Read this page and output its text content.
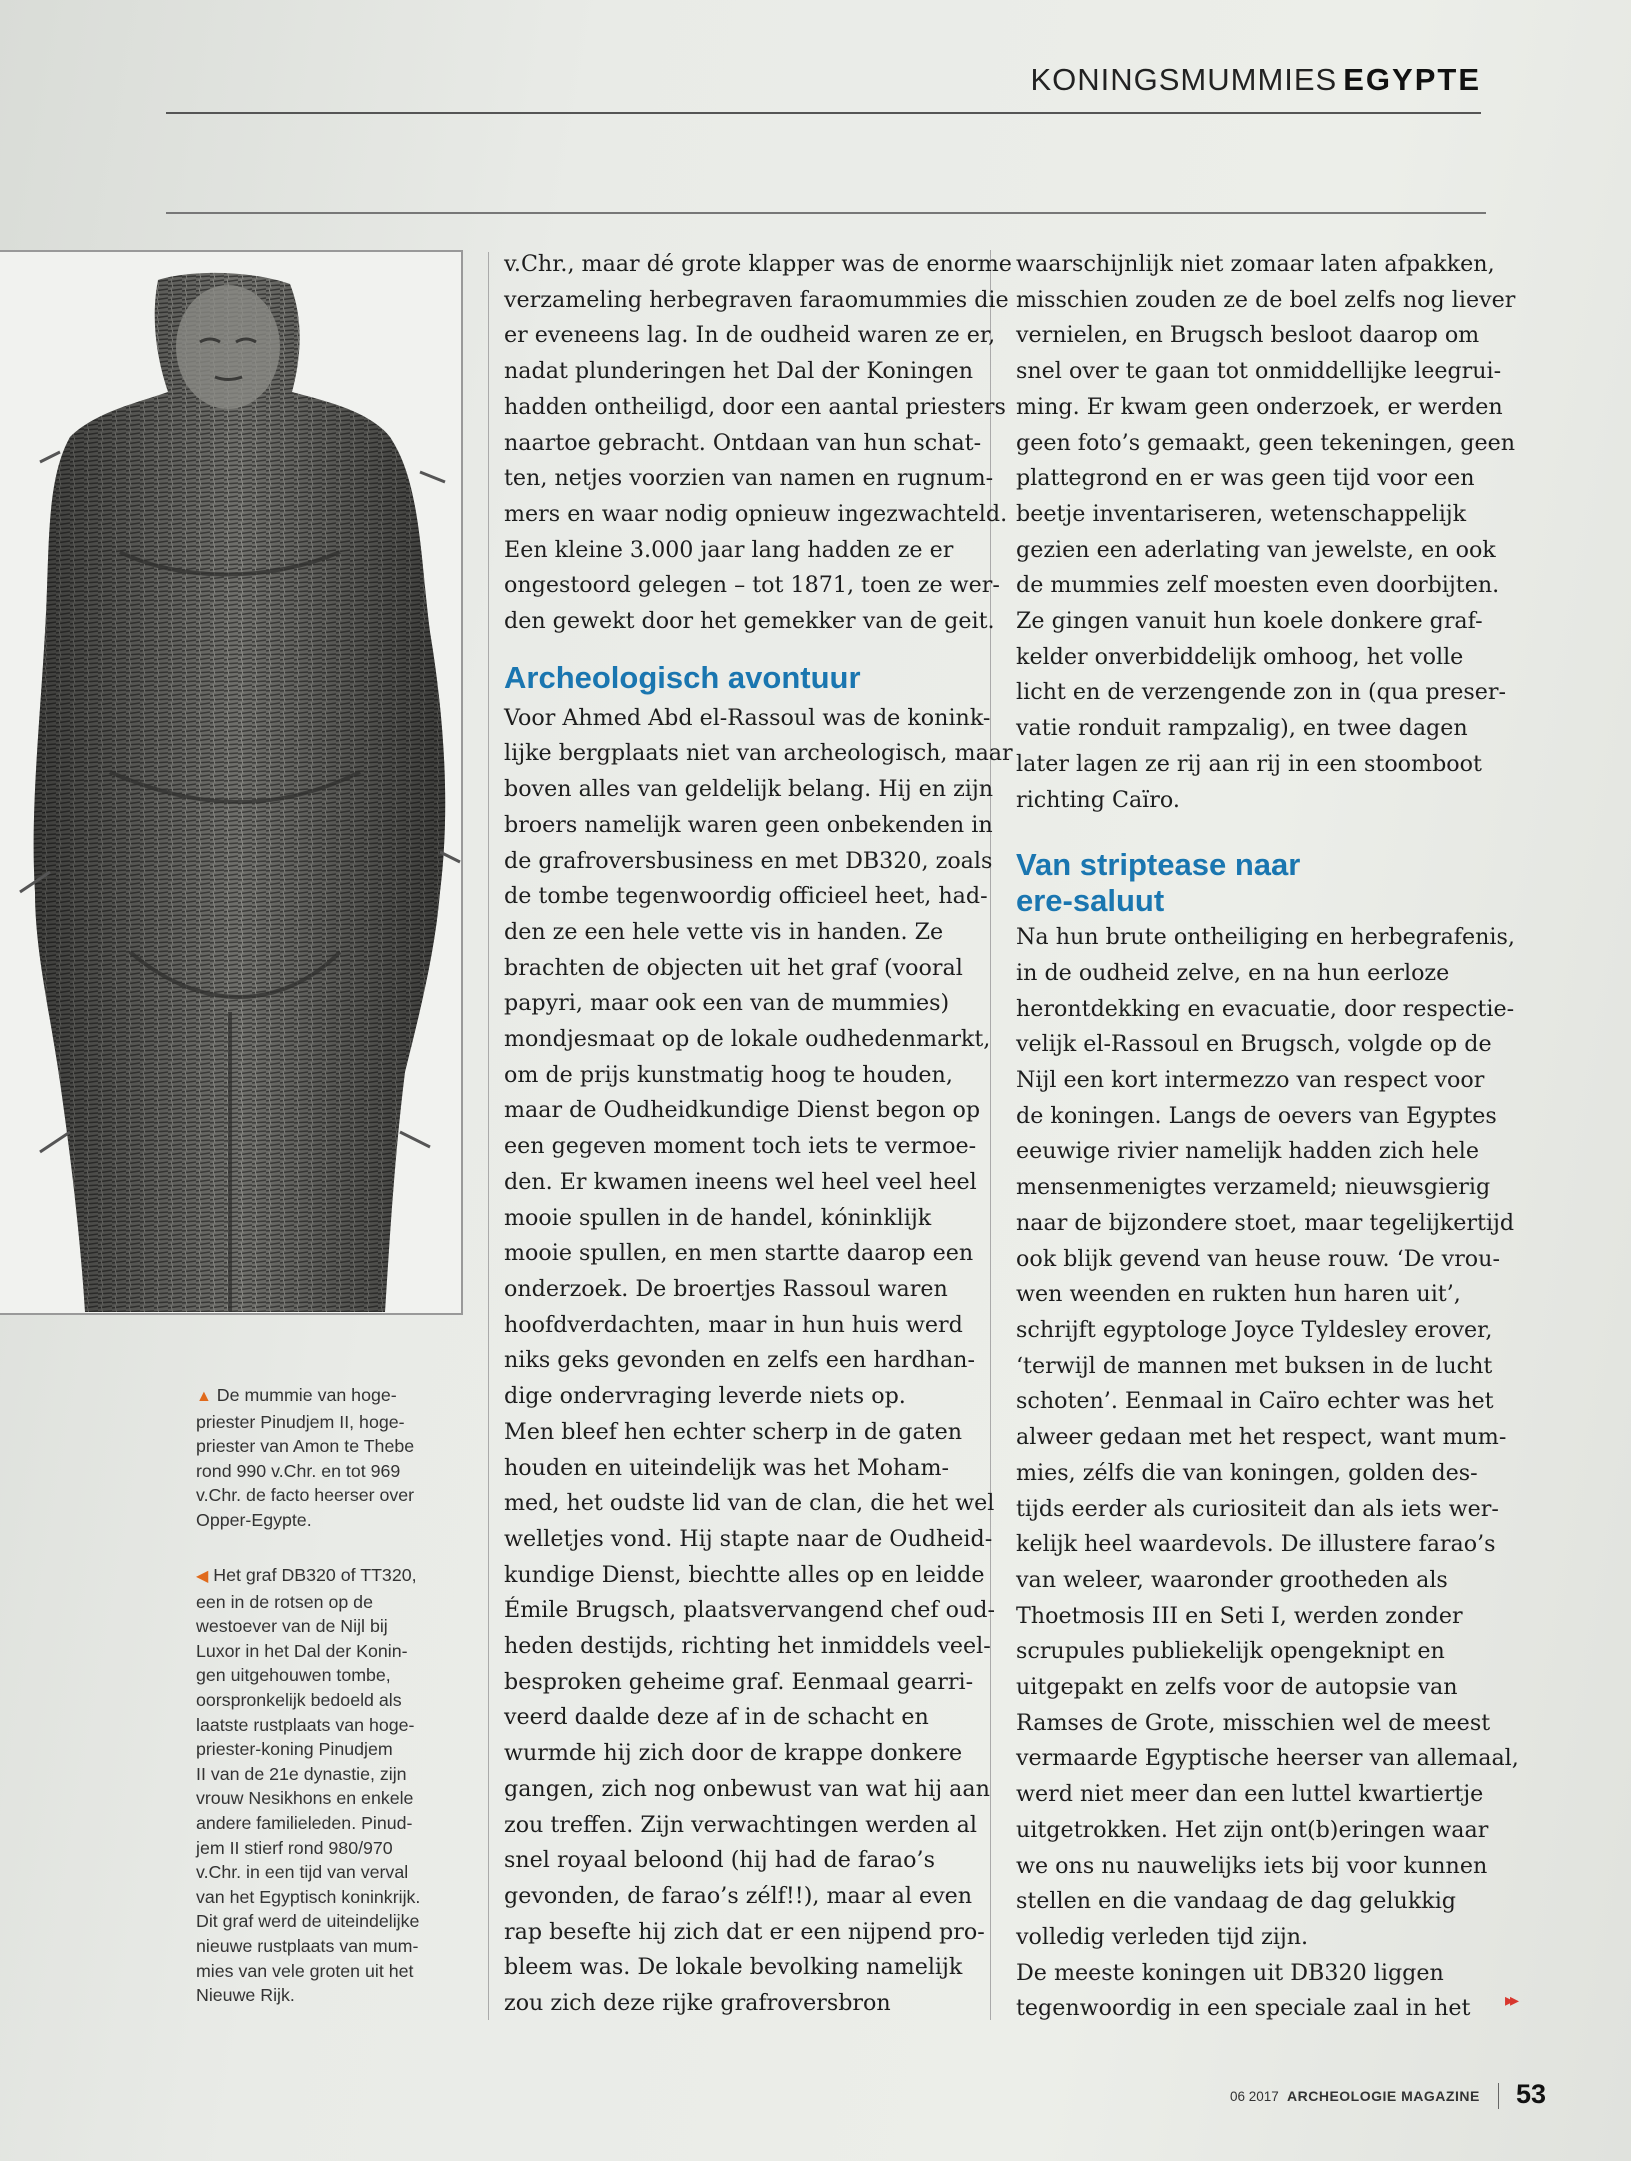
KONINGSMUMMIES EGYPTE
▲ De mummie van hoge-
priester Pinudjem II, hoge-
priester van Amon te Thebe
rond 990 v.Chr. en tot 969
v.Chr. de facto heerser over
Opper-Egypte.
◀ Het graf DB320 of TT320,
een in de rotsen op de
westoever van de Nijl bij
Luxor in het Dal der Konin-
gen uitgehouwen tombe,
oorspronkelijk bedoeld als
laatste rustplaats van hoge-
priester-koning Pinudjem
II van de 21e dynastie, zijn
vrouw Nesikhons en enkele
andere familieleden. Pinud-
jem II stierf rond 980/970
v.Chr. in een tijd van verval
van het Egyptisch koninkrijk.
Dit graf werd de uiteindelijke
nieuwe rustplaats van mum-
mies van vele groten uit het
Nieuwe Rijk.

v.Chr., maar dé grote klapper was de enorme

verzameling herbegraven faraomummies die

er eveneens lag. In de oudheid waren ze er,

nadat plunderingen het Dal der Koningen

hadden ontheiligd, door een aantal priesters

naartoe gebracht. Ontdaan van hun schat-

ten, netjes voorzien van namen en rugnum-

mers en waar nodig opnieuw ingezwachteld.

Een kleine 3.000 jaar lang hadden ze er

ongestoord gelegen – tot 1871, toen ze wer-

den gewekt door het gemekker van de geit.

Archeologisch avontuur

Voor Ahmed Abd el-Rassoul was de konink-

lijke bergplaats niet van archeologisch, maar

boven alles van geldelijk belang. Hij en zijn

broers namelijk waren geen onbekenden in

de grafroversbusiness en met DB320, zoals

de tombe tegenwoordig officieel heet, had-

den ze een hele vette vis in handen. Ze

brachten de objecten uit het graf (vooral

papyri, maar ook een van de mummies)

mondjesmaat op de lokale oudhedenmarkt,

om de prijs kunstmatig hoog te houden,

maar de Oudheidkundige Dienst begon op

een gegeven moment toch iets te vermoe-

den. Er kwamen ineens wel heel veel heel

mooie spullen in de handel, kóninklijk

mooie spullen, en men startte daarop een

onderzoek. De broertjes Rassoul waren

hoofdverdachten, maar in hun huis werd

niks geks gevonden en zelfs een hardhan-

dige ondervraging leverde niets op.

Men bleef hen echter scherp in de gaten

houden en uiteindelijk was het Moham-

med, het oudste lid van de clan, die het wel

welletjes vond. Hij stapte naar de Oudheid-

kundige Dienst, biechtte alles op en leidde

Émile Brugsch, plaatsvervangend chef oud-

heden destijds, richting het inmiddels veel-

besproken geheime graf. Eenmaal gearri-

veerd daalde deze af in de schacht en

wurmde hij zich door de krappe donkere

gangen, zich nog onbewust van wat hij aan

zou treffen. Zijn verwachtingen werden al

snel royaal beloond (hij had de farao’s

gevonden, de farao’s zélf!!), maar al even

rap besefte hij zich dat er een nijpend pro-

bleem was. De lokale bevolking namelijk

zou zich deze rijke grafroversbron

waarschijnlijk niet zomaar laten afpakken,

misschien zouden ze de boel zelfs nog liever

vernielen, en Brugsch besloot daarop om

snel over te gaan tot onmiddellijke leegrui-

ming. Er kwam geen onderzoek, er werden

geen foto’s gemaakt, geen tekeningen, geen

plattegrond en er was geen tijd voor een

beetje inventariseren, wetenschappelijk

gezien een aderlating van jewelste, en ook

de mummies zelf moesten even doorbijten.

Ze gingen vanuit hun koele donkere graf-

kelder onverbiddelijk omhoog, het volle

licht en de verzengende zon in (qua preser-

vatie ronduit rampzalig), en twee dagen

later lagen ze rij aan rij in een stoomboot

richting Caïro.

Van striptease naar
ere-saluut

Na hun brute ontheiliging en herbegrafenis,

in de oudheid zelve, en na hun eerloze

herontdekking en evacuatie, door respectie-

velijk el-Rassoul en Brugsch, volgde op de

Nijl een kort intermezzo van respect voor

de koningen. Langs de oevers van Egyptes

eeuwige rivier namelijk hadden zich hele

mensenmenigtes verzameld; nieuwsgierig

naar de bijzondere stoet, maar tegelijkertijd

ook blijk gevend van heuse rouw. ‘De vrou-

wen weenden en rukten hun haren uit’,

schrijft egyptologe Joyce Tyldesley erover,

‘terwijl de mannen met buksen in de lucht

schoten’. Eenmaal in Caïro echter was het

alweer gedaan met het respect, want mum-

mies, zélfs die van koningen, golden des-

tijds eerder als curiositeit dan als iets wer-

kelijk heel waardevols. De illustere farao’s

van weleer, waaronder grootheden als

Thoetmosis III en Seti I, werden zonder

scrupules publiekelijk opengeknipt en

uitgepakt en zelfs voor de autopsie van

Ramses de Grote, misschien wel de meest

vermaarde Egyptische heerser van allemaal,

werd niet meer dan een luttel kwartiertje

uitgetrokken. Het zijn ont(b)eringen waar

we ons nu nauwelijks iets bij voor kunnen

stellen en die vandaag de dag gelukkig

volledig verleden tijd zijn.

De meeste koningen uit DB320 liggen

tegenwoordig in een speciale zaal in het	▸▸
06 2017 ARCHEOLOGIE MAGAZINE 53
